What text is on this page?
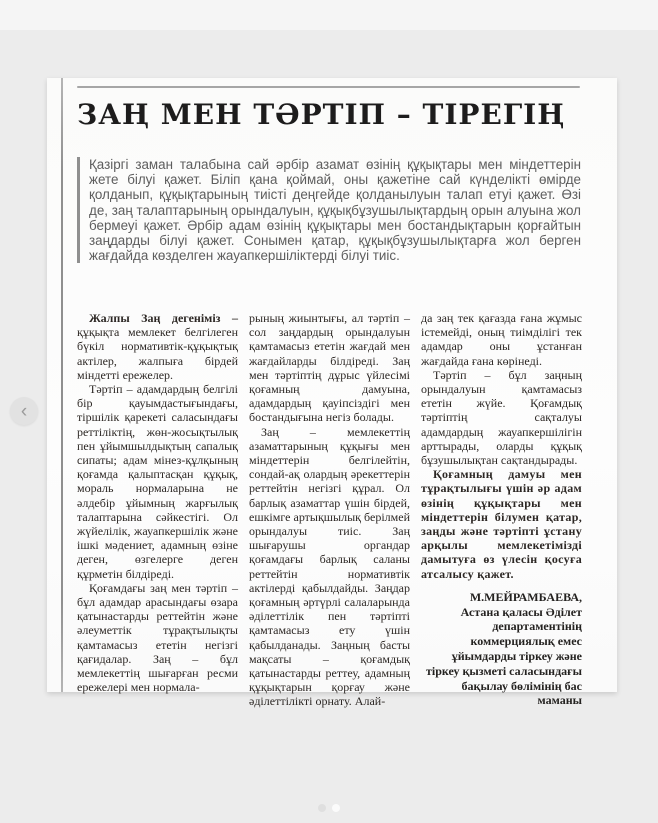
ЗАҢ МЕН ТӘРТІП – ТІРЕГІҢ
Қазіргі заман талабына сай әрбір азамат өзінің құқықтары мен міндеттерін жете білуі қажет. Біліп қана қоймай, оны қажетіне сай күнделікті өмірде қолданып, құқықтарының тиісті деңгейде қолданылуын талап етуі қажет. Өзі де, заң талаптарының орындалуын, құқықбұзушылықтардың орын алуына жол бермеуі қажет. Әрбір адам өзінің құқықтары мен бостандықтарын қорғайтын заңдарды білуі қажет. Сонымен қатар, құқықбұзушылықтарға жол берген жағдайда көзделген жауапкершіліктерді білуі тиіс.

Жалпы Заң дегеніміз – құқықта мемлекет белгілеген бүкіл нормативтік-құқықтық актілер, жалпыға бірдей міндетті ережелер.

Тәртіп – адамдардың белгілі бір қауымдастығындағы, тіршілік қарекеті саласындағы реттіліктің, жөн-жосықтылық пен ұйымшылдықтың сапалық сипаты; адам мінез-құлқының қоғамда қалыптасқан құқық, мораль нормаларына не әлдебір ұйымның жарғылық талаптарына сәйкестігі. Ол жүйелілік, жауапкершілік және ішкі мәдениет, адамның өзіне деген, өзгелерге деген құрметін білдіреді.

Қоғамдағы заң мен тәртіп – бұл адамдар арасындағы өзара қатынастарды реттейтін және әлеуметтік тұрақтылықты қамтамасыз ететін негізгі қағидалар. Заң – бұл мемлекеттің шығарған ресми ережелері мен нормала-

рының жиынтығы, ал тәртіп – сол заңдардың орындалуын қамтамасыз ететін жағдай мен жағдайларды білдіреді. Заң мен тәртіптің дұрыс үйлесімі қоғамның дамуына, адамдардың қауіпсіздігі мен бостандығына негіз болады.

Заң – мемлекеттің азаматтарының құқығы мен міндеттерін белгілейтін, сондай-ақ олардың әрекеттерін реттейтін негізгі құрал. Ол барлық азаматтар үшін бірдей, ешкімге артықшылық берілмей орындалуы тиіс. Заң шығарушы органдар қоғамдағы барлық саланы реттейтін нормативтік актілерді қабылдайды. Заңдар қоғамның әртүрлі салаларында әділеттілік пен тәртіпті қамтамасыз ету үшін қабылданады. Заңның басты мақсаты – қоғамдық қатынастарды реттеу, адамның құқықтарын қорғау және әділеттілікті орнату. Алай-

да заң тек қағазда ғана жұмыс істемейді, оның тиімділігі тек адамдар оны ұстанған жағдайда ғана көрінеді.

Тәртіп – бұл заңның орындалуын қамтамасыз ететін жүйе. Қоғамдық тәртіптің сақталуы адамдардың жауапкершілігін арттырады, оларды құқық бұзушылықтан сақтандырады.

Қоғамның дамуы мен тұрақтылығы үшін әр адам өзінің құқықтары мен міндеттерін білумен қатар, заңды және тәртіпті ұстану арқылы мемлекетімізді дамытуға өз үлесін қосуға атсалысу қажет.

М.МЕЙРАМБАЕВА,
Астана қаласы Әділет департаментінің коммерциялық емес ұйымдарды тіркеу және тіркеу қызметі саласындағы бақылау бөлімінің бас маманы
‹
